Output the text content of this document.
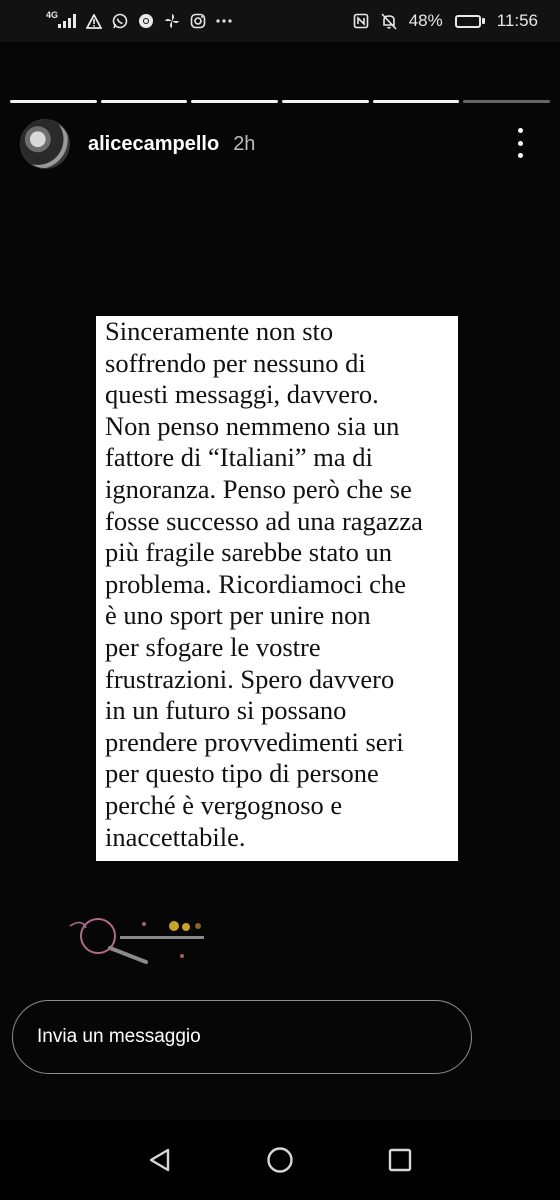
4G	48%	11:56
alicecampello 2h
Sinceramente non sto
soffrendo per nessuno di
questi messaggi, davvero.
Non penso nemmeno sia un
fattore di “Italiani” ma di
ignoranza. Penso però che se
fosse successo ad una ragazza
più fragile sarebbe stato un
problema. Ricordiamoci che
è uno sport per unire non
per sfogare le vostre
frustrazioni. Spero davvero
in un futuro si possano
prendere provvedimenti seri
per questo tipo di persone
perché è vergognoso e
inaccettabile.
Invia un messaggio
